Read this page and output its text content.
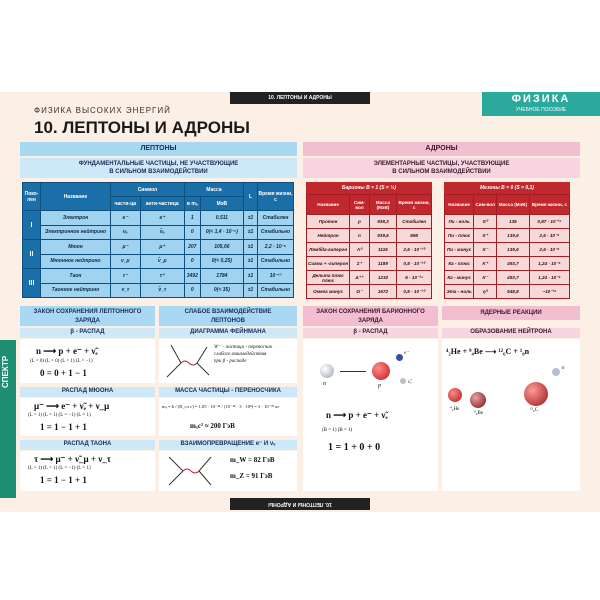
10. ЛЕПТОНЫ И АДРОНЫ	ФИЗИКА
УЧЕБНОЕ ПОСОБИЕ
ФИЗИКА ВЫСОКИХ ЭНЕРГИЙ
10. ЛЕПТОНЫ И АДРОНЫ
ЛЕПТОНЫ
ФУНДАМЕНТАЛЬНЫЕ ЧАСТИЦЫ, НЕ УЧАСТВУЮЩИЕ
В СИЛЬНОМ ВЗАИМОДЕЙСТВИИ
Поко-лен	Название	Символ		Масса		L	Время жизни, с
		части-ца	анти-частица	в mₑ	МэВ		
I	Электрон	e⁻	e⁺	1	0,511	±1	Стабилен
	Электронное нейтрино	νₑ	ν̃ₑ	0	0(< 1,4 · 10⁻⁵)	±1	Стабильно
II	Мюон	μ⁻	μ⁺	207	105,66	±1	2,2 · 10⁻⁶
	Мюонное нейтрино	ν_μ	ν̃_μ	0	0(< 0,25)	±1	Стабильно
III	Таон	τ⁻	τ⁺	3492	1784	±1	10⁻¹³
	Таонное нейтрино	ν_τ	ν̃_τ	0	0(< 35)	±1	Стабильно
ЗАКОН СОХРАНЕНИЯ ЛЕПТОННОГО
ЗАРЯДА
β - РАСПАД
n ⟶ p + e⁻ + ν̃ₑ
(L = 0) (L = 0) (L = 1) (L = −1)
0 = 0 + 1 − 1
РАСПАД МЮОНА
μ⁻ ⟶ e⁻ + ν̃ₑ + ν_μ
(L = 1) (L = 1) (L = −1) (L = 1)
1 = 1 − 1 + 1
РАСПАД ТАОНА
τ ⟶ μ⁻ + ν̃_μ + ν_τ
(L = 1) (L = 1) (L = −1) (L = 1)
1 = 1 − 1 + 1
СЛАБОЕ ВЗАИМОДЕЙСТВИЕ
ЛЕПТОНОВ
ДИАГРАММА ФЕЙНМАНА
W⁻ – частица - переносчик
слабого взаимодействия
при β - распаде
МАССА ЧАСТИЦЫ - ПЕРЕНОСЧИКА
mₓ = ħ / (R_сл c) = 1,05 · 10⁻³⁴ / (10⁻¹⁸ · 3 · 10⁸) = 3 · 10⁻²⁵ кг
mₓc² ≈ 200 ГэВ
ВЗАИМОПРЕВРАЩЕНИЕ e⁻ И νₑ
m_W = 82 ГэВ
m_Z = 91 ГэВ
АДРОНЫ
ЭЛЕМЕНТАРНЫЕ ЧАСТИЦЫ, УЧАСТВУЮЩИЕ
В СИЛЬНОМ ВЗАИМОДЕЙСТВИИ
Барионы B = 1 (S = ½)
Название	Сим-вол	Масса (МэВ)	Время жизни, с
Протон	p	938,3	Стабилен
Нейтрон	n	939,6	898
Лямбда-гиперон	Λ⁰	1116	2,6 · 10⁻¹⁰
Сигма + -гиперон	Σ⁺	1189	0,8 · 10⁻¹⁰
Дельта плюс плюс	Δ⁺⁺	1232	6 · 10⁻²⁴
Омега минус	Ω⁻	1672	0,8 · 10⁻¹⁰
Мезоны B = 0 (S = 0,1)
Название	Сим-вол	Масса (МэВ)	Время жизни, с
Пи - ноль	π⁰	135	0,87 · 10⁻¹⁶
Пи - плюс	π⁺	139,6	2,6 · 10⁻⁸
Пи - минус	π⁻	139,6	2,6 · 10⁻⁸
Ка - плюс	K⁺	493,7	1,24 · 10⁻⁸
Ка - минус	K⁻	493,7	1,24 · 10⁻⁸
Эта - ноль	η⁰	548,8	~10⁻¹⁸
ЗАКОН СОХРАНЕНИЯ БАРИОННОГО
ЗАРЯДА
β - РАСПАД
n	p
e⁻
ν̃ₑ
n ⟶ p + e⁻ + ν̃ₑ
(B = 1) (B = 1)
1 = 1 + 0 + 0
ЯДЕРНЫЕ РЕАКЦИИ
ОБРАЗОВАНИЕ НЕЙТРОНА
⁴₂He + ⁹₄Be ⟶ ¹²₆C + ¹₀n
⁴₂He
⁹₄Be
¹²₆C
n
СПЕКТР
10. ЛЕПТОНЫ И АДРОНЫ
